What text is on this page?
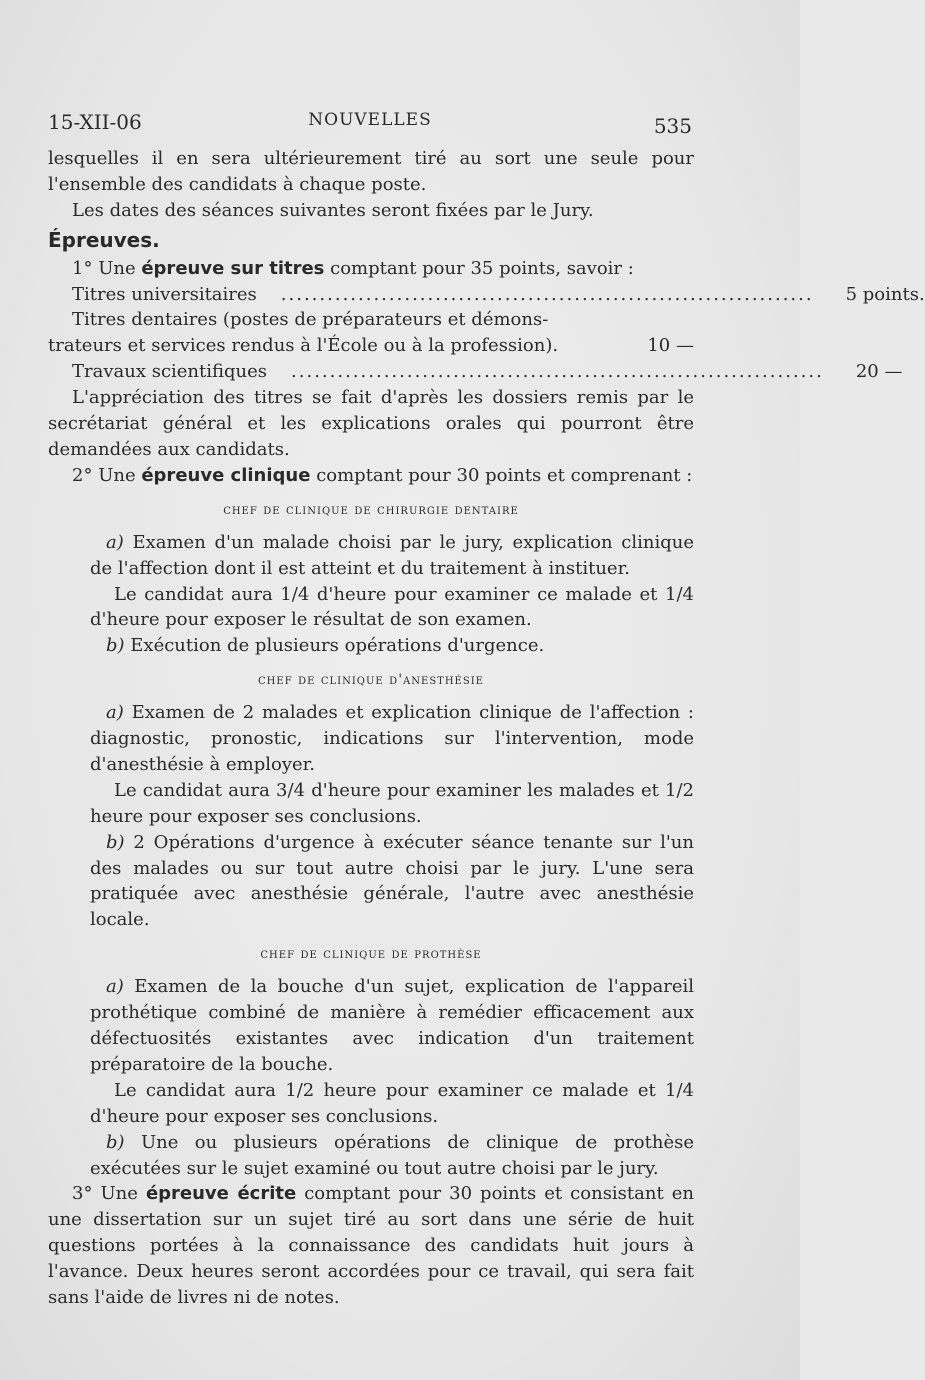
15-XII-06	NOUVELLES	535

lesquelles il en sera ultérieurement tiré au sort une seule pour l'ensemble des candidats à chaque poste.

Les dates des séances suivantes seront fixées par le Jury.

Épreuves.

1° Une épreuve sur titres comptant pour 35 points, savoir :

Titres universitaires	.....................................................................	5 points.

Titres dentaires (postes de préparateurs et démons-

trateurs et services rendus à l'École ou à la profession).	10 —
Travaux scientifiques	.....................................................................	20 —

L'appréciation des titres se fait d'après les dossiers remis par le secrétariat général et les explications orales qui pourront être demandées aux candidats.

2° Une épreuve clinique comptant pour 30 points et comprenant :

chef de clinique de chirurgie dentaire

a) Examen d'un malade choisi par le jury, explication clinique de l'affection dont il est atteint et du traitement à instituer.

Le candidat aura 1/4 d'heure pour examiner ce malade et 1/4 d'heure pour exposer le résultat de son examen.

b) Exécution de plusieurs opérations d'urgence.

chef de clinique d'anesthésie

a) Examen de 2 malades et explication clinique de l'affection : diagnostic, pronostic, indications sur l'intervention, mode d'anesthésie à employer.

Le candidat aura 3/4 d'heure pour examiner les malades et 1/2 heure pour exposer ses conclusions.

b) 2 Opérations d'urgence à exécuter séance tenante sur l'un des malades ou sur tout autre choisi par le jury. L'une sera pratiquée avec anesthésie générale, l'autre avec anesthésie locale.

chef de clinique de prothèse

a) Examen de la bouche d'un sujet, explication de l'appareil prothétique combiné de manière à remédier efficacement aux défectuosités existantes avec indication d'un traitement préparatoire de la bouche.

Le candidat aura 1/2 heure pour examiner ce malade et 1/4 d'heure pour exposer ses conclusions.

b) Une ou plusieurs opérations de clinique de prothèse exécutées sur le sujet examiné ou tout autre choisi par le jury.

3° Une épreuve écrite comptant pour 30 points et consistant en une dissertation sur un sujet tiré au sort dans une série de huit questions portées à la connaissance des candidats huit jours à l'avance. Deux heures seront accordées pour ce travail, qui sera fait sans l'aide de livres ni de notes.
